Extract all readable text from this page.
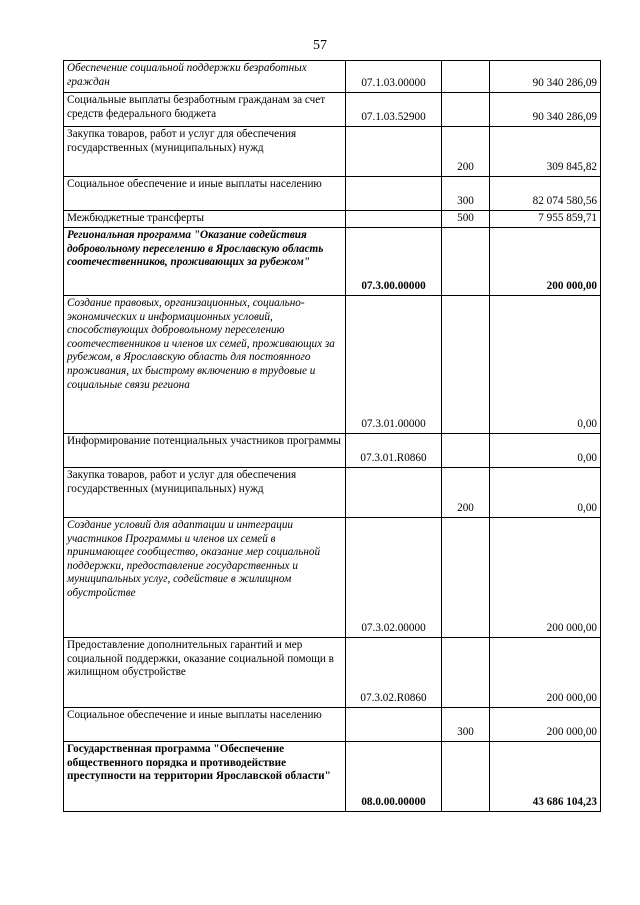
57
Обеспечение социальной поддержки безработных граждан	07.1.03.00000		90 340 286,09
Социальные выплаты безработным гражданам за счет средств федерального бюджета	07.1.03.52900		90 340 286,09
Закупка товаров, работ и услуг для обеспечения государственных (муниципальных) нужд		200	309 845,82
Социальное обеспечение и иные выплаты населению		300	82 074 580,56
Межбюджетные трансферты		500	7 955 859,71
Региональная программа "Оказание содействия добровольному переселению в Ярославскую область соотечественников, проживающих за рубежом"	07.3.00.00000		200 000,00
Создание правовых, организационных, социально-экономических и информационных условий, способствующих добровольному переселению соотечественников и членов их семей, проживающих за рубежом, в Ярославскую область для постоянного проживания, их быстрому включению в трудовые и социальные связи региона	07.3.01.00000		0,00
Информирование потенциальных участников программы	07.3.01.R0860		0,00
Закупка товаров, работ и услуг для обеспечения государственных (муниципальных) нужд		200	0,00
Создание условий для адаптации и интеграции участников Программы и членов их семей в принимающее сообщество, оказание мер социальной поддержки, предоставление государственных и муниципальных услуг, содействие в жилищном обустройстве	07.3.02.00000		200 000,00
Предоставление дополнительных гарантий и мер социальной поддержки, оказание социальной помощи в жилищном обустройстве	07.3.02.R0860		200 000,00
Социальное обеспечение и иные выплаты населению		300	200 000,00
Государственная программа "Обеспечение общественного порядка и противодействие преступности на территории Ярославской области"	08.0.00.00000		43 686 104,23
